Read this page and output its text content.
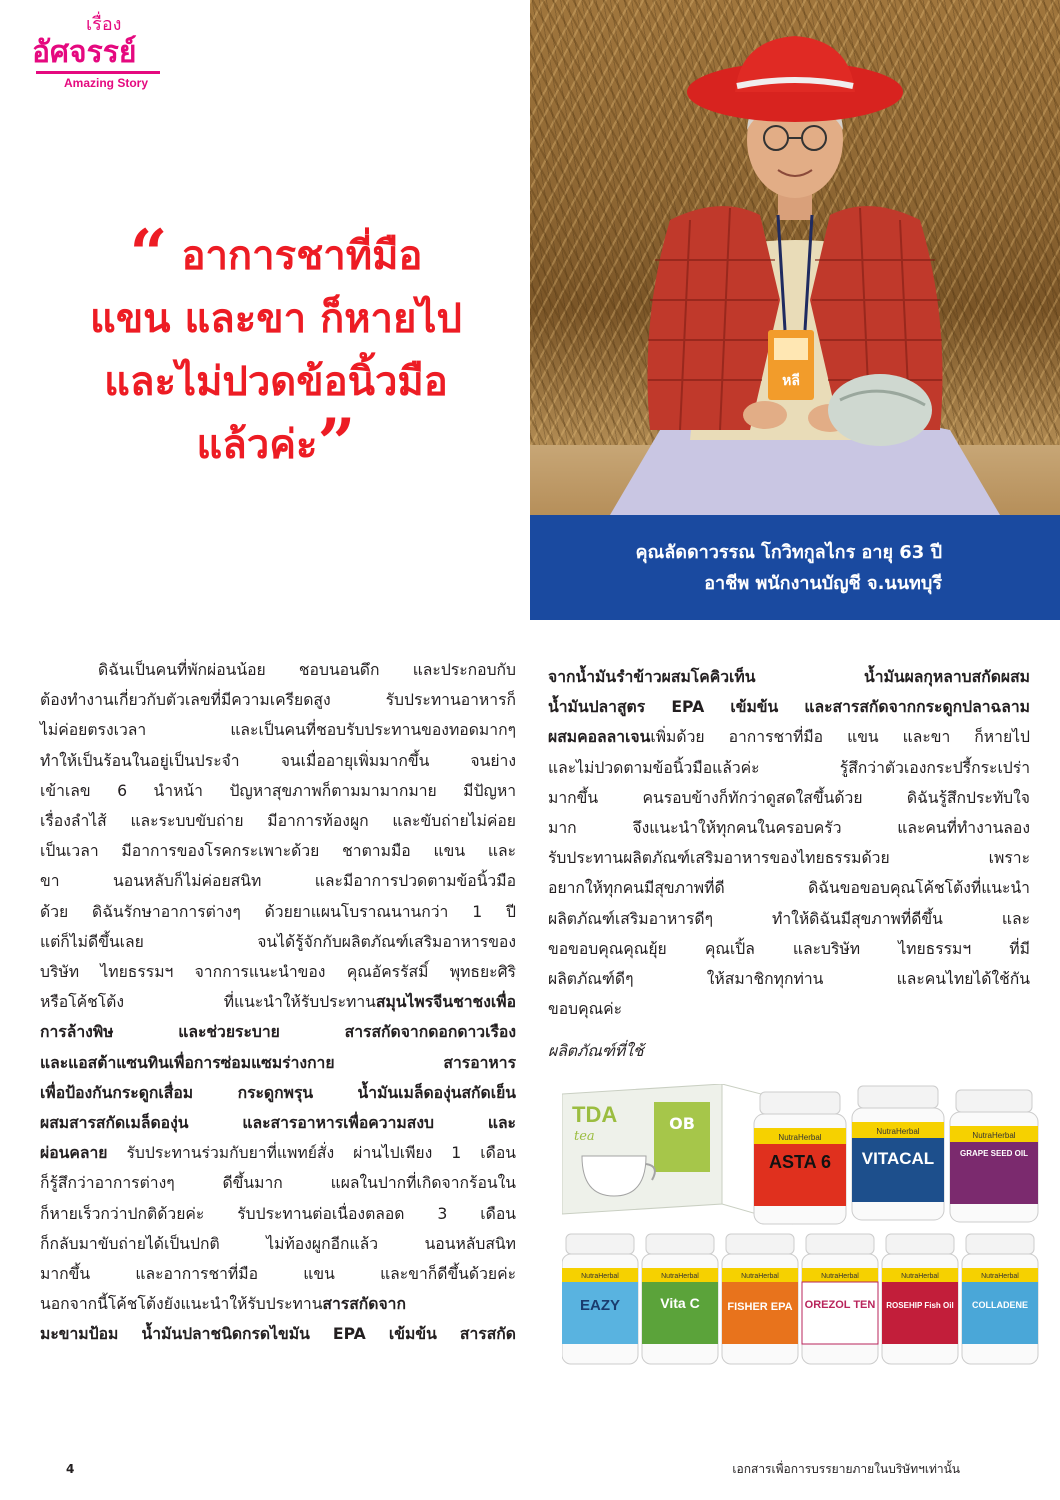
เรื่อง
อัศจรรย์
Amazing Story
“ อาการชาที่มือ
แขน และขา ก็หายไป
และไม่ปวดข้อนิ้วมือ
แล้วค่ะ”
หลี
คุณลัดดาวรรณ โกวิทกูลไกร อายุ 63 ปี
อาชีพ พนักงานบัญชี จ.นนทบุรี
ดิฉันเป็นคนที่พักผ่อนน้อย ชอบนอนดึก และประกอบกับ
ต้องทำงานเกี่ยวกับตัวเลขที่มีความเครียดสูง รับประทานอาหารก็
ไม่ค่อยตรงเวลา และเป็นคนที่ชอบรับประทานของทอดมากๆ
ทำให้เป็นร้อนในอยู่เป็นประจำ จนเมื่ออายุเพิ่มมากขึ้น จนย่าง
เข้าเลข 6 นำหน้า ปัญหาสุขภาพก็ตามมามากมาย มีปัญหา
เรื่องลำไส้ และระบบขับถ่าย มีอาการท้องผูก และขับถ่ายไม่ค่อย
เป็นเวลา มีอาการของโรคกระเพาะด้วย ชาตามมือ แขน และ
ขา นอนหลับก็ไม่ค่อยสนิท และมีอาการปวดตามข้อนิ้วมือ
ด้วย ดิฉันรักษาอาการต่างๆ ด้วยยาแผนโบราณนานกว่า 1 ปี
แต่ก็ไม่ดีขึ้นเลย จนได้รู้จักกับผลิตภัณฑ์เสริมอาหารของ
บริษัท ไทยธรรมฯ จากการแนะนำของ คุณอัครรัสมิ์ พุทธยะศิริ
หรือโค้ชโต้ง ที่แนะนำให้รับประทานสมุนไพรจีนชาชงเพื่อ
การล้างพิษ และช่วยระบาย สารสกัดจากดอกดาวเรือง
และแอสต้าแซนทินเพื่อการซ่อมแซมร่างกาย สารอาหาร
เพื่อป้องกันกระดูกเสื่อม กระดูกพรุน น้ำมันเมล็ดองุ่นสกัดเย็น
ผสมสารสกัดเมล็ดองุ่น และสารอาหารเพื่อความสงบ และ
ผ่อนคลาย รับประทานร่วมกับยาที่แพทย์สั่ง ผ่านไปเพียง 1 เดือน
ก็รู้สึกว่าอาการต่างๆ ดีขึ้นมาก แผลในปากที่เกิดจากร้อนใน
ก็หายเร็วกว่าปกติด้วยค่ะ รับประทานต่อเนื่องตลอด 3 เดือน
ก็กลับมาขับถ่ายได้เป็นปกติ ไม่ท้องผูกอีกแล้ว นอนหลับสนิท
มากขึ้น และอาการชาที่มือ แขน และขาก็ดีขึ้นด้วยค่ะ
นอกจากนี้โค้ชโต้งยังแนะนำให้รับประทานสารสกัดจาก
มะขามป้อม น้ำมันปลาชนิดกรดไขมัน EPA เข้มข้น สารสกัด
จากน้ำมันรำข้าวผสมโคคิวเท็น น้ำมันผลกุหลาบสกัดผสม
น้ำมันปลาสูตร EPA เข้มข้น และสารสกัดจากกระดูกปลาฉลาม
ผสมคอลลาเจนเพิ่มด้วย อาการชาที่มือ แขน และขา ก็หายไป
และไม่ปวดตามข้อนิ้วมือแล้วค่ะ รู้สึกว่าตัวเองกระปรี้กระเปร่า
มากขึ้น คนรอบข้างก็ทักว่าดูสดใสขึ้นด้วย ดิฉันรู้สึกประทับใจ
มาก จึงแนะนำให้ทุกคนในครอบครัว และคนที่ทำงานลอง
รับประทานผลิตภัณฑ์เสริมอาหารของไทยธรรมด้วย เพราะ
อยากให้ทุกคนมีสุขภาพที่ดี ดิฉันขอขอบคุณโค้ชโต้งที่แนะนำ
ผลิตภัณฑ์เสริมอาหารดีๆ ทำให้ดิฉันมีสุขภาพที่ดีขึ้น และ
ขอขอบคุณคุณยุ้ย คุณเปิ้ล และบริษัท ไทยธรรมฯ ที่มี
ผลิตภัณฑ์ดีๆ ให้สมาชิกทุกท่าน และคนไทยได้ใช้กัน
ขอบคุณค่ะ
ผลิตภัณฑ์ที่ใช้
OB
TDA
tea	NutraHerbal
ASTA 6
NutraHerbal
VITACAL
NutraHerbal
GRAPE SEED OIL
NutraHerbal
EAZY
NutraHerbal
Vita C
NutraHerbal
FISHER EPA
NutraHerbal
OREZOL TEN
NutraHerbal
ROSEHIP Fish Oil
NutraHerbal
COLLADENE
4	เอกสารเพื่อการบรรยายภายในบริษัทฯเท่านั้น
